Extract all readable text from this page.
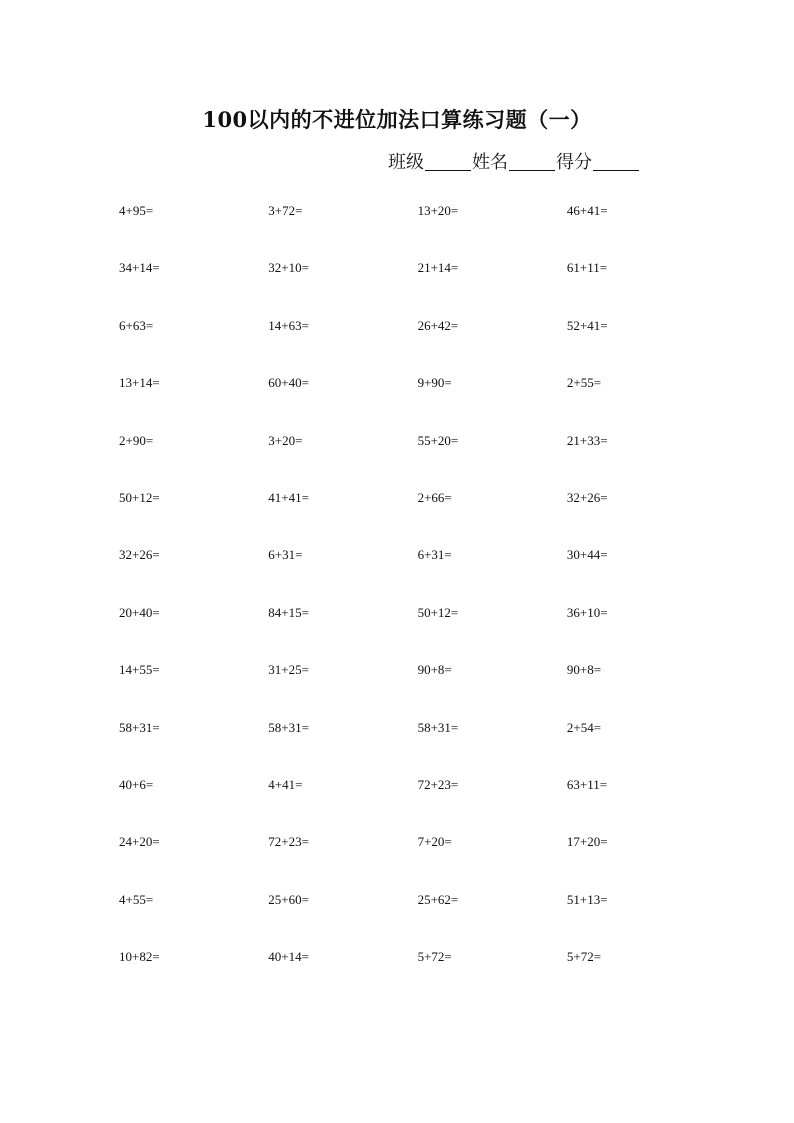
100以内的不进位加法口算练习题（一）
班级	姓名	得分
4+95=	3+72=	13+20=	46+41=
34+14=	32+10=	21+14=	61+11=
6+63=	14+63=	26+42=	52+41=
13+14=	60+40=	9+90=	2+55=
2+90=	3+20=	55+20=	21+33=
50+12=	41+41=	2+66=	32+26=
32+26=	6+31=	6+31=	30+44=
20+40=	84+15=	50+12=	36+10=
14+55=	31+25=	90+8=	90+8=
58+31=	58+31=	58+31=	2+54=
40+6=	4+41=	72+23=	63+11=
24+20=	72+23=	7+20=	17+20=
4+55=	25+60=	25+62=	51+13=
10+82=	40+14=	5+72=	5+72=
